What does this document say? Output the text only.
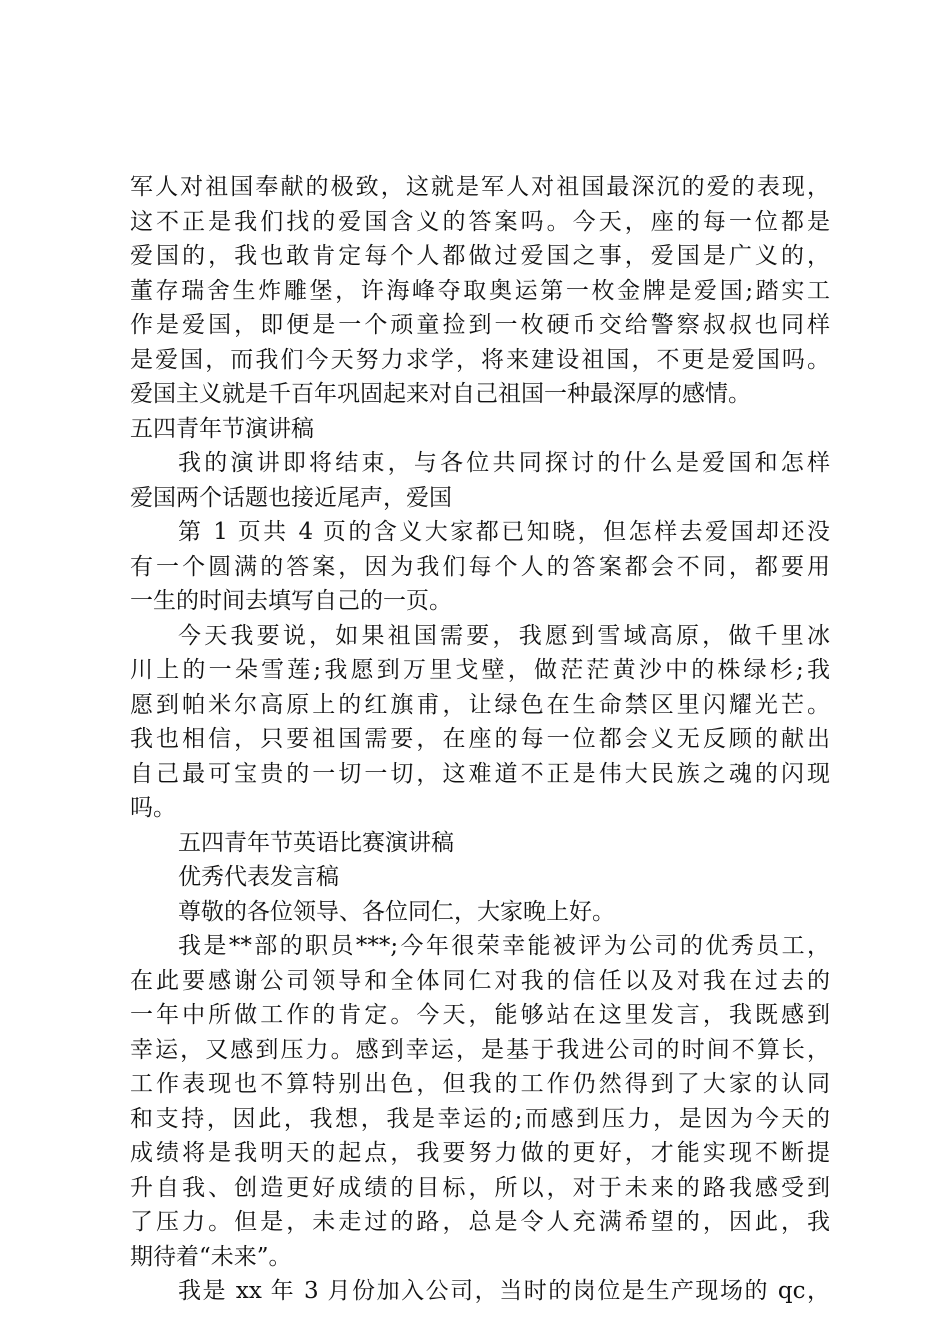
军人对祖国奉献的极致，这就是军人对祖国最深沉的爱的表现，
这不正是我们找的爱国含义的答案吗。今天，座的每一位都是
爱国的，我也敢肯定每个人都做过爱国之事，爱国是广义的，
董存瑞舍生炸雕堡，许海峰夺取奥运第一枚金牌是爱国;踏实工
作是爱国，即便是一个顽童捡到一枚硬币交给警察叔叔也同样
是爱国，而我们今天努力求学，将来建设祖国，不更是爱国吗。
爱国主义就是千百年巩固起来对自己祖国一种最深厚的感情。
五四青年节演讲稿
我的演讲即将结束，与各位共同探讨的什么是爱国和怎样
爱国两个话题也接近尾声，爱国
第 1 页共 4 页的含义大家都已知晓，但怎样去爱国却还没
有一个圆满的答案，因为我们每个人的答案都会不同，都要用
一生的时间去填写自己的一页。
今天我要说，如果祖国需要，我愿到雪域高原，做千里冰
川上的一朵雪莲;我愿到万里戈壁，做茫茫黄沙中的株绿杉;我
愿到帕米尔高原上的红旗甫，让绿色在生命禁区里闪耀光芒。
我也相信，只要祖国需要，在座的每一位都会义无反顾的献出
自己最可宝贵的一切一切，这难道不正是伟大民族之魂的闪现
吗。
五四青年节英语比赛演讲稿
优秀代表发言稿
尊敬的各位领导、各位同仁，大家晚上好。
我是**部的职员***;今年很荣幸能被评为公司的优秀员工，
在此要感谢公司领导和全体同仁对我的信任以及对我在过去的
一年中所做工作的肯定。今天，能够站在这里发言，我既感到
幸运，又感到压力。感到幸运，是基于我进公司的时间不算长，
工作表现也不算特别出色，但我的工作仍然得到了大家的认同
和支持，因此，我想，我是幸运的;而感到压力，是因为今天的
成绩将是我明天的起点，我要努力做的更好，才能实现不断提
升自我、创造更好成绩的目标，所以，对于未来的路我感受到
了压力。但是，未走过的路，总是令人充满希望的，因此，我
期待着“未来”。
我是 xx 年 3 月份加入公司，当时的岗位是生产现场的 qc，
